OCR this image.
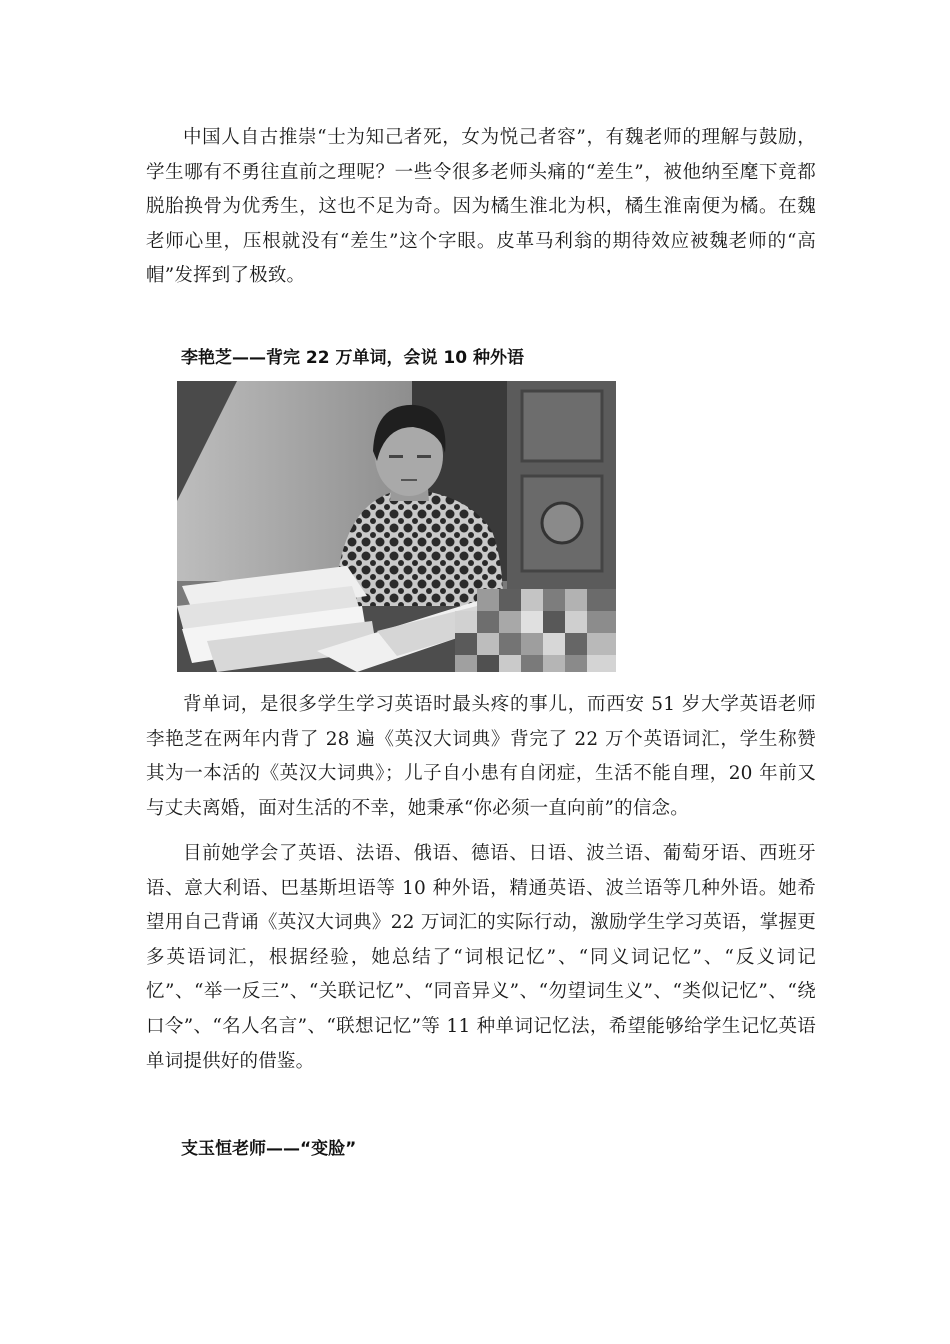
中国人自古推崇“士为知己者死，女为悦己者容”，有魏老师的理解与鼓励，学生哪有不勇往直前之理呢？一些令很多老师头痛的“差生”，被他纳至麾下竟都脱胎换骨为优秀生，这也不足为奇。因为橘生淮北为枳，橘生淮南便为橘。在魏老师心里，压根就没有“差生”这个字眼。皮革马利翁的期待效应被魏老师的“高帽”发挥到了极致。

李艳芝——背完 22 万单词，会说 10 种外语

背单词，是很多学生学习英语时最头疼的事儿，而西安 51 岁大学英语老师李艳芝在两年内背了 28 遍《英汉大词典》背完了 22 万个英语词汇，学生称赞其为一本活的《英汉大词典》；儿子自小患有自闭症，生活不能自理，20 年前又与丈夫离婚，面对生活的不幸，她秉承“你必须一直向前”的信念。

目前她学会了英语、法语、俄语、德语、日语、波兰语、葡萄牙语、西班牙语、意大利语、巴基斯坦语等 10 种外语，精通英语、波兰语等几种外语。她希望用自己背诵《英汉大词典》22 万词汇的实际行动，激励学生学习英语，掌握更多英语词汇，根据经验，她总结了“词根记忆”、“同义词记忆”、“反义词记忆”、“举一反三”、“关联记忆”、“同音异义”、“勿望词生义”、“类似记忆”、“绕口令”、“名人名言”、“联想记忆”等 11 种单词记忆法，希望能够给学生记忆英语单词提供好的借鉴。

支玉恒老师——“变脸”
